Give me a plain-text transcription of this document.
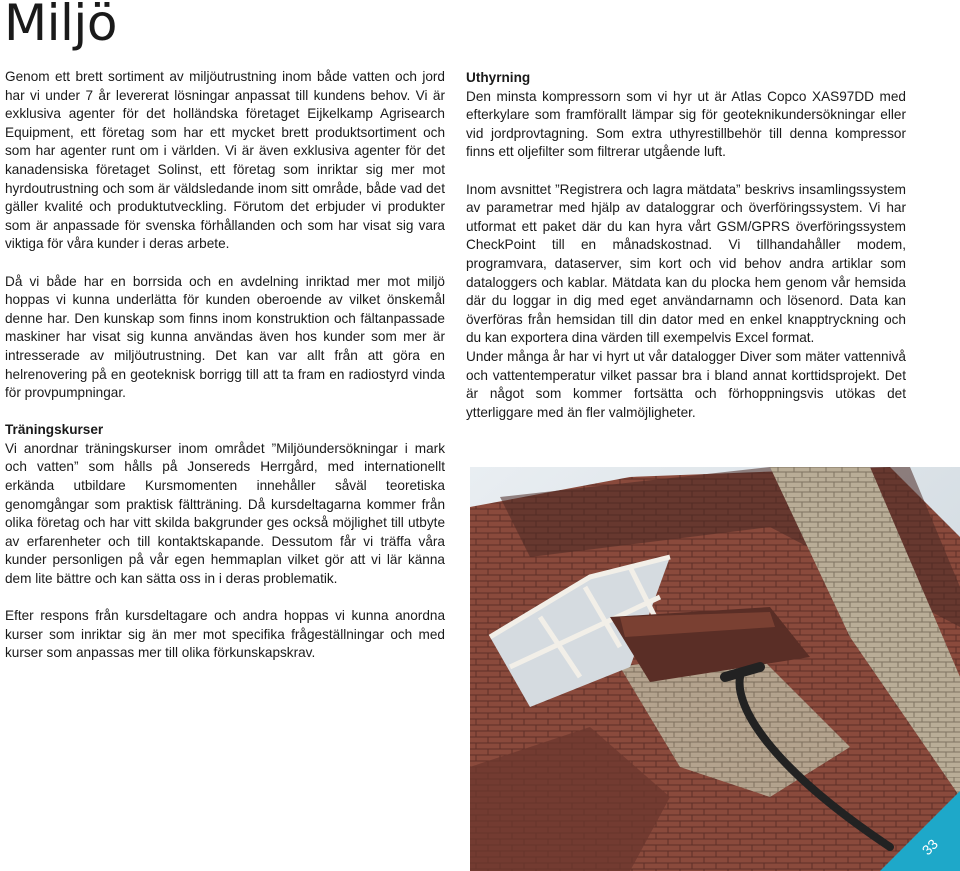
Miljö

Genom ett brett sortiment av miljöutrustning inom både vatten och jord har vi under 7 år levererat lösningar anpassat till kundens behov. Vi är exklusiva agenter för det holländska företaget Eijkelkamp Agrisearch Equipment, ett företag som har ett mycket brett produktsortiment och som har agenter runt om i världen. Vi är även exklusiva agenter för det kanadensiska företaget Solinst, ett företag som inriktar sig mer mot hyrdoutrustning och som är väldsledande inom sitt område, både vad det gäller kvalité och produktutveckling. Förutom det erbjuder vi produkter som är anpassade för svenska förhållanden och som har visat sig vara viktiga för våra kunder i deras arbete.

Då vi både har en borrsida och en avdelning inriktad mer mot miljö hoppas vi kunna underlätta för kunden oberoende av vilket önskemål denne har. Den kunskap som finns inom konstruktion och fältanpassade maskiner har visat sig kunna användas även hos kunder som mer är intresserade av miljöutrustning. Det kan var allt från att göra en helrenovering på en geoteknisk borrigg till att ta fram en radiostyrd vinda för provpumpningar.

Träningskurser

Vi anordnar träningskurser inom området ”Miljöundersökningar i mark och vatten” som hålls på Jonsereds Herrgård, med internationellt erkända utbildare Kursmomenten innehåller såväl teoretiska genomgångar som praktisk fältträning. Då kursdeltagarna kommer från olika företag och har vitt skilda bakgrunder ges också möjlighet till utbyte av erfarenheter och till kontaktskapande. Dessutom får vi träffa våra kunder personligen på vår egen hemmaplan vilket gör att vi lär känna dem lite bättre och kan sätta oss in i deras problematik.

Efter respons från kursdeltagare och andra hoppas vi kunna anordna kurser som inriktar sig än mer mot specifika frågeställningar och med kurser som anpassas mer till olika förkunskapskrav.

Uthyrning

Den minsta kompressorn som vi hyr ut är Atlas Copco XAS97DD med efterkylare som framförallt lämpar sig för geoteknikundersökningar eller vid jordprovtagning. Som extra uthyrestillbehör till denna kompressor finns ett oljefilter som filtrerar utgående luft.

Inom avsnittet ”Registrera och lagra mätdata” beskrivs insamlingssystem av parametrar med hjälp av dataloggrar och överföringssystem. Vi har utformat ett paket där du kan hyra vårt GSM/GPRS överföringssystem CheckPoint till en månadskostnad. Vi tillhandahåller modem, programvara, dataserver, sim kort och vid behov andra artiklar som dataloggers och kablar. Mätdata kan du plocka hem genom vår hemsida där du loggar in dig med eget användarnamn och lösenord. Data kan överföras från hemsidan till din dator med en enkel knapptryckning och du kan exportera dina värden till exempelvis Excel format.

Under många år har vi hyrt ut vår datalogger Diver som mäter vattennivå och vattentemperatur vilket passar bra i bland annat korttidsprojekt. Det är något som kommer fortsätta och förhoppningsvis utökas det ytterliggare med än fler valmöjligheter.

33
